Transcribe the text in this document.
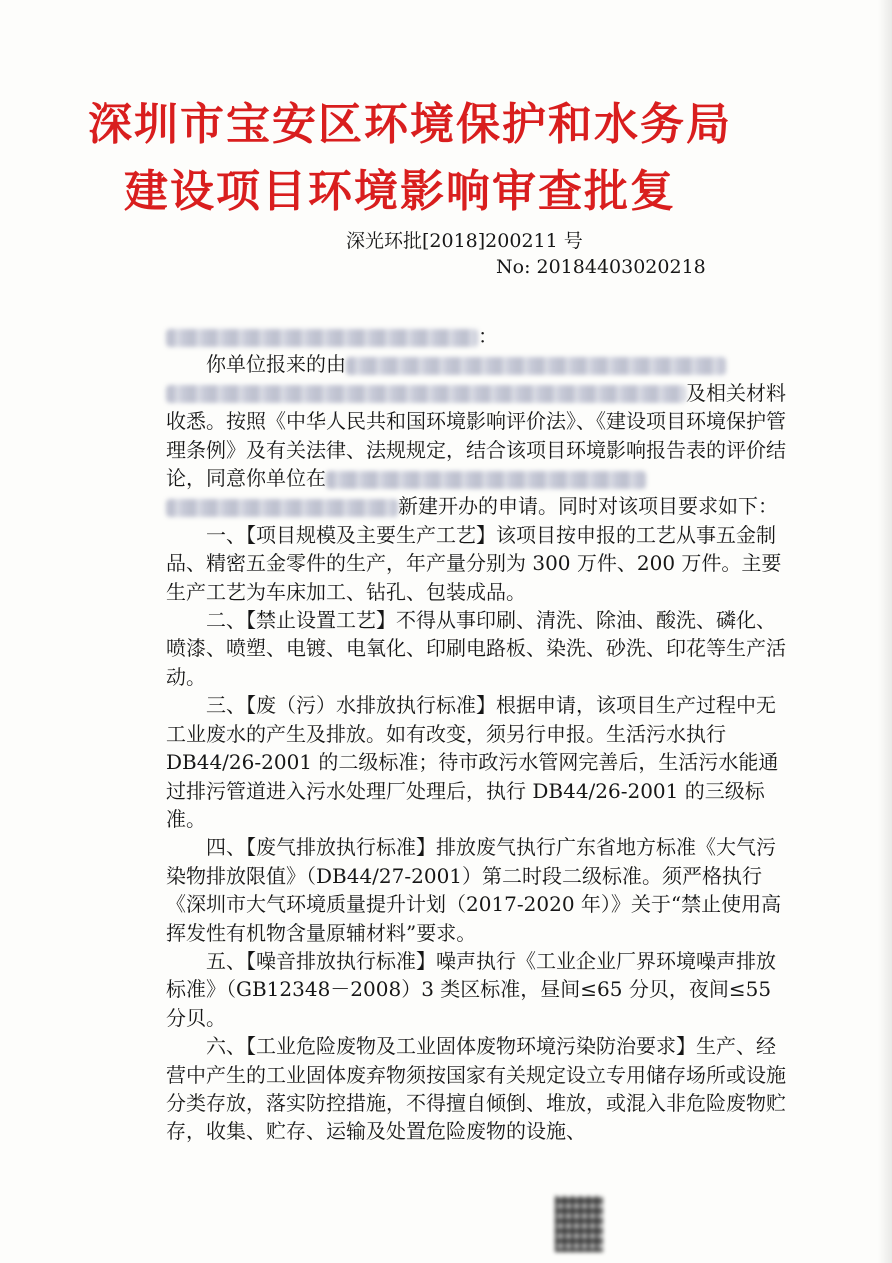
深圳市宝安区环境保护和水务局
建设项目环境影响审查批复
深光环批[2018]200211 号
No: 20184403020218

：

你单位报来的由及相关材料收悉。按照《中华人民共和国环境影响评价法》、《建设项目环境保护管理条例》及有关法律、法规规定，结合该项目环境影响报告表的评价结论，同意你单位在新建开办的申请。同时对该项目要求如下：

一、【项目规模及主要生产工艺】该项目按申报的工艺从事五金制品、精密五金零件的生产，年产量分别为 300 万件、200 万件。主要生产工艺为车床加工、钻孔、包装成品。

二、【禁止设置工艺】不得从事印刷、清洗、除油、酸洗、磷化、喷漆、喷塑、电镀、电氧化、印刷电路板、染洗、砂洗、印花等生产活动。

三、【废（污）水排放执行标准】根据申请，该项目生产过程中无工业废水的产生及排放。如有改变，须另行申报。生活污水执行 DB44/26-2001 的二级标准；待市政污水管网完善后，生活污水能通过排污管道进入污水处理厂处理后，执行 DB44/26-2001 的三级标准。

四、【废气排放执行标准】排放废气执行广东省地方标准《大气污染物排放限值》（DB44/27-2001）第二时段二级标准。须严格执行《深圳市大气环境质量提升计划（2017-2020 年）》关于“禁止使用高挥发性有机物含量原辅材料”要求。

五、【噪音排放执行标准】噪声执行《工业企业厂界环境噪声排放标准》（GB12348－2008）3 类区标准，昼间≤65 分贝，夜间≤55 分贝。

六、【工业危险废物及工业固体废物环境污染防治要求】生产、经营中产生的工业固体废弃物须按国家有关规定设立专用储存场所或设施分类存放，落实防控措施，不得擅自倾倒、堆放，或混入非危险废物贮存，收集、贮存、运输及处置危险废物的设施、
